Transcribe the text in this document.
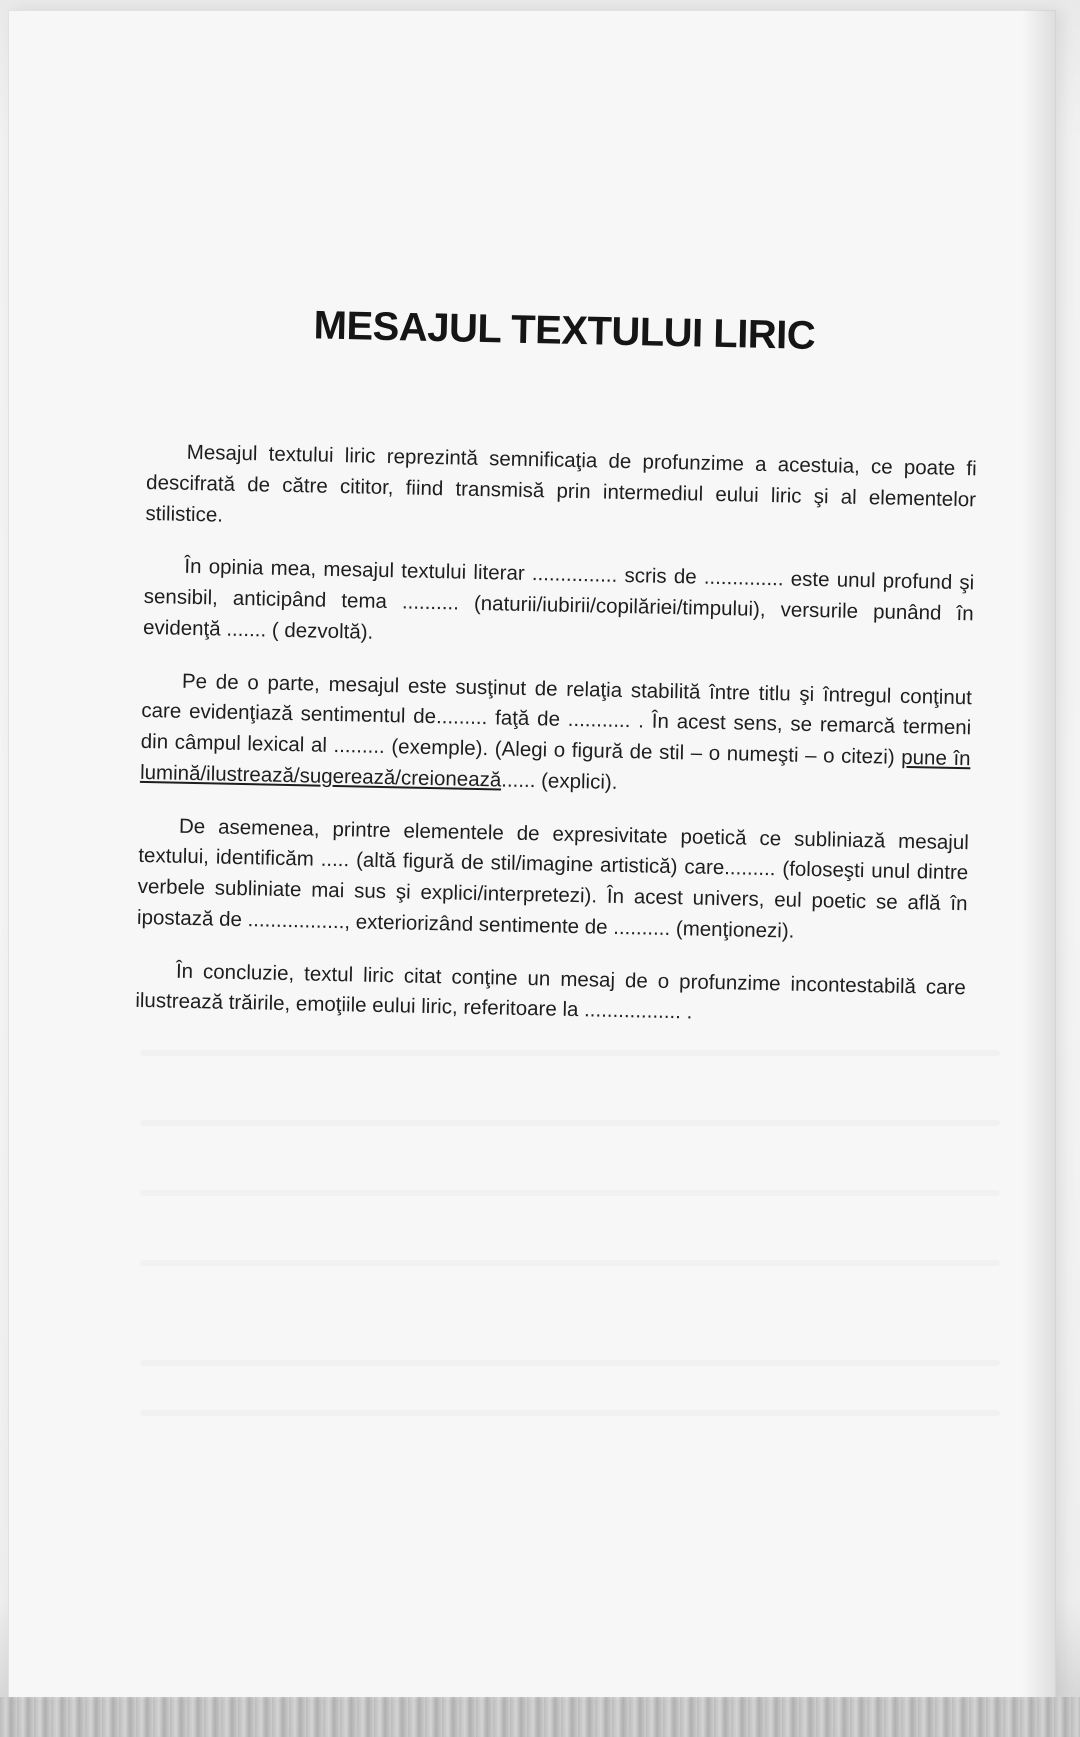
MESAJUL TEXTULUI LIRIC

Mesajul textului liric reprezintă semnificaţia de profunzime a acestuia, ce poate fi descifrată de către cititor, fiind transmisă prin intermediul eului liric şi al elementelor stilistice.

În opinia mea, mesajul textului literar ............... scris de .............. este unul profund şi sensibil, anticipând tema .......... (naturii/iubirii/copilăriei/timpului), versurile punând în evidenţă ....... ( dezvoltă).

Pe de o parte, mesajul este susţinut de relaţia stabilită între titlu şi întregul conţinut care evidenţiază sentimentul de......... faţă de ........... . În acest sens, se remarcă termeni din câmpul lexical al ......... (exemple). (Alegi o figură de stil – o numeşti – o citezi) pune în lumină/ilustrează/sugerează/creionează...... (explici).

De asemenea, printre elementele de expresivitate poetică ce subliniază mesajul textului, identificăm ..... (altă figură de stil/imagine artistică) care......... (foloseşti unul dintre verbele subliniate mai sus şi explici/interpretezi). În acest univers, eul poetic se află în ipostază de ................., exteriorizând sentimente de .......... (menţionezi).

În concluzie, textul liric citat conţine un mesaj de o profunzime incontestabilă care ilustrează trăirile, emoţiile eului liric, referitoare la ................. .
